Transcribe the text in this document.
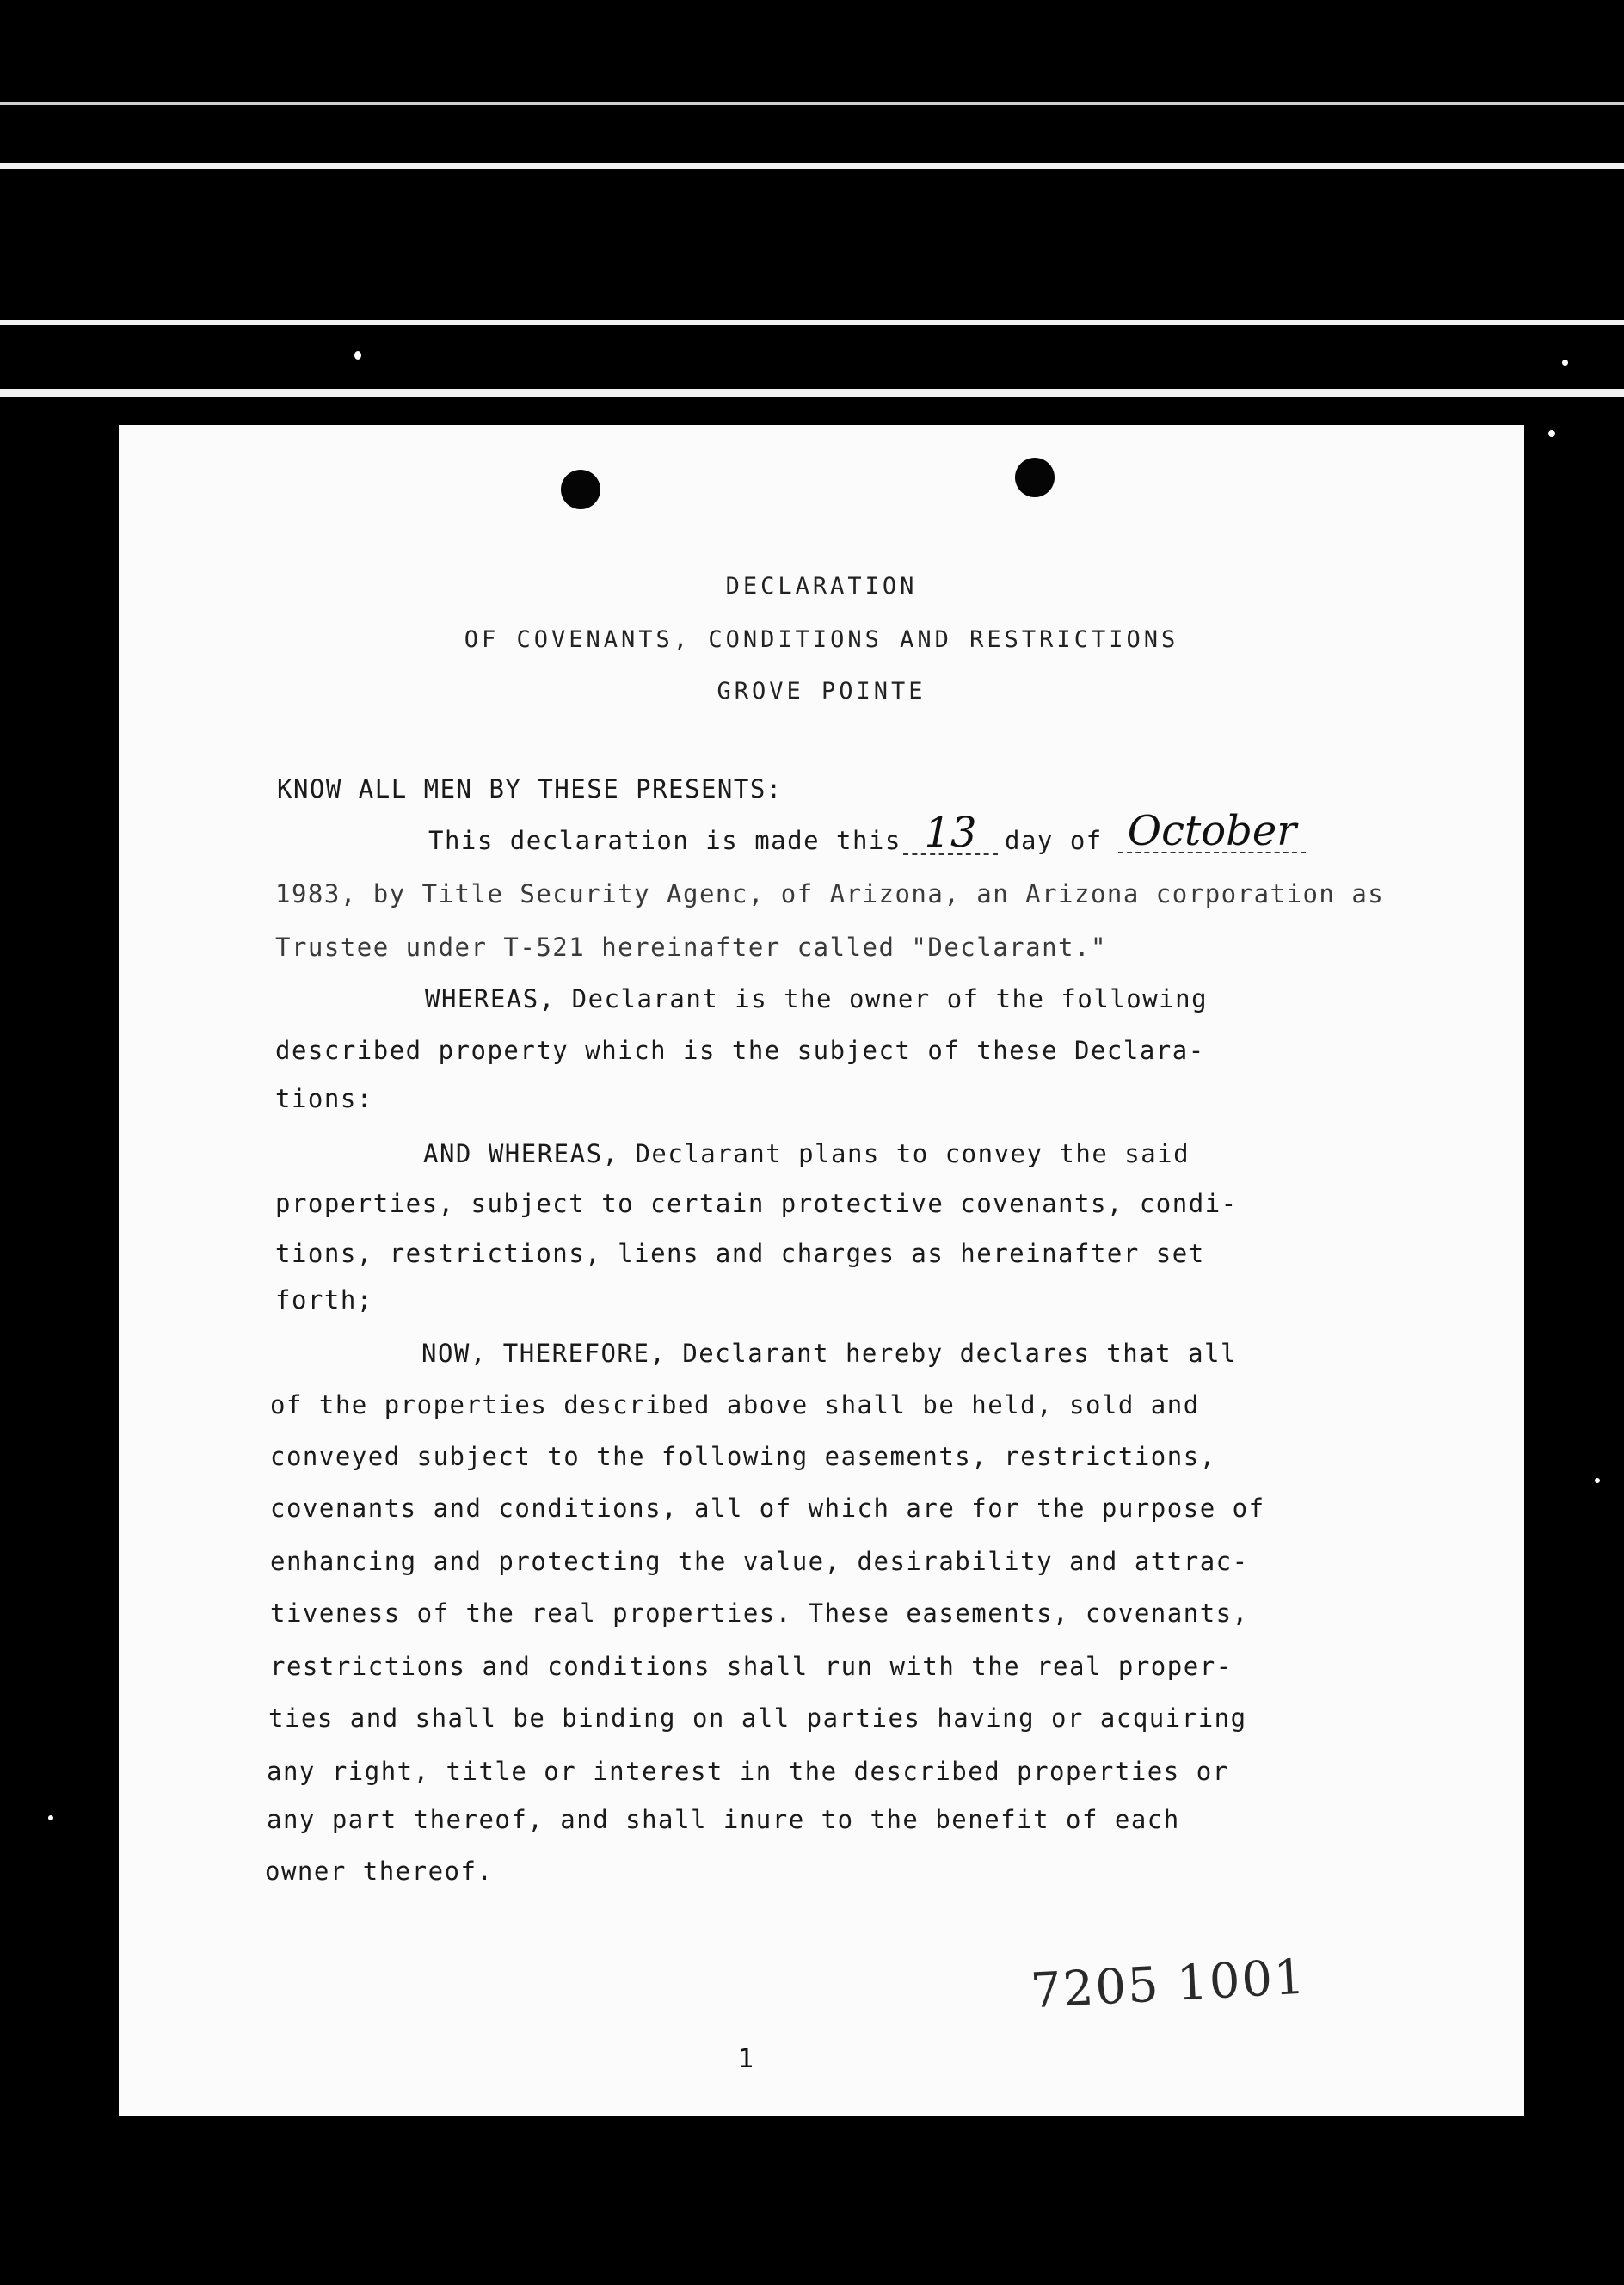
DECLARATION
OF COVENANTS, CONDITIONS AND RESTRICTIONS
GROVE POINTE
KNOW ALL MEN BY THESE PRESENTS:
This declaration is made this 13	day of October
1983, by Title Security Agenc, of Arizona, an Arizona corporation as
Trustee under T-521 hereinafter called "Declarant."
WHEREAS, Declarant is the owner of the following
described property which is the subject of these Declara-
tions:
AND WHEREAS, Declarant plans to convey the said
properties, subject to certain protective covenants, condi-
tions, restrictions, liens and charges as hereinafter set
forth;
NOW, THEREFORE, Declarant hereby declares that all
of the properties described above shall be held, sold and
conveyed subject to the following easements, restrictions,
covenants and conditions, all of which are for the purpose of
enhancing and protecting the value, desirability and attrac-
tiveness of the real properties. These easements, covenants,
restrictions and conditions shall run with the real proper-
ties and shall be binding on all parties having or acquiring
any right, title or interest in the described properties or
any part thereof, and shall inure to the benefit of each
owner thereof.
7205 1001
1
